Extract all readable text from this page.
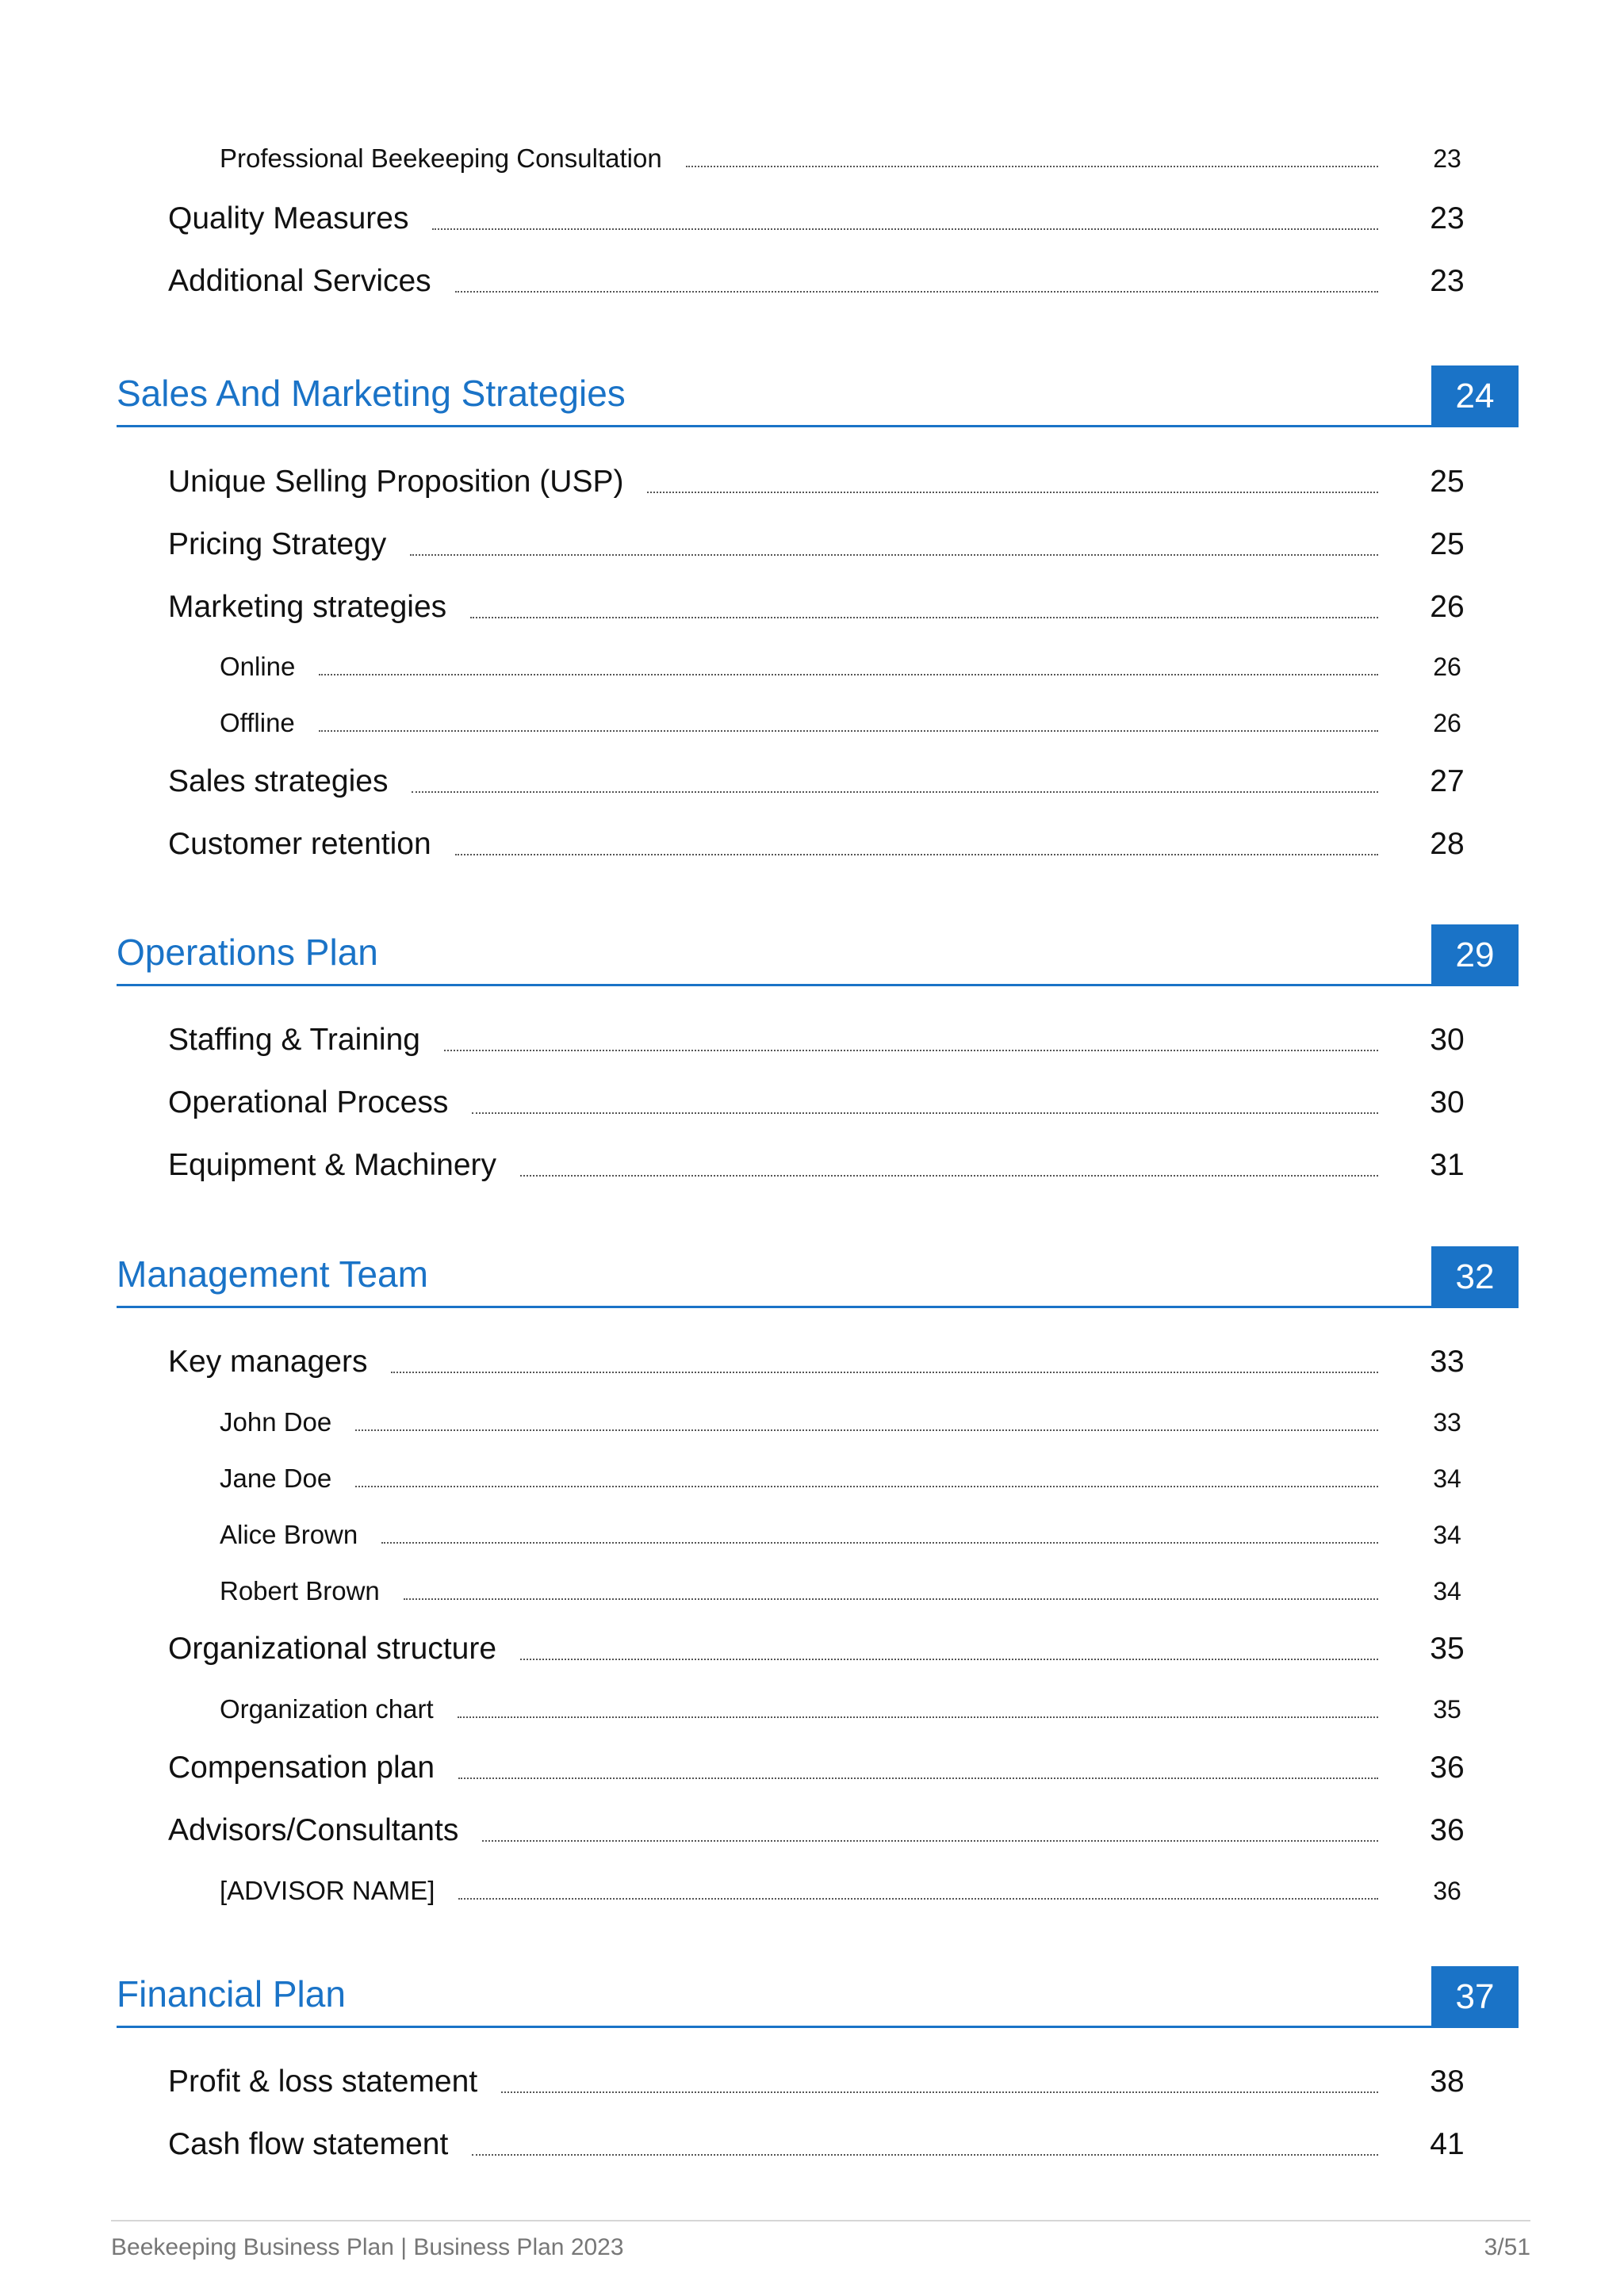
Professional Beekeeping Consultation	23
Quality Measures	23
Additional Services	23
Sales And Marketing Strategies	24
Unique Selling Proposition (USP)	25
Pricing Strategy	25
Marketing strategies	26
Online	26
Offline	26
Sales strategies	27
Customer retention	28
Operations Plan	29
Staffing & Training	30
Operational Process	30
Equipment & Machinery	31
Management Team	32
Key managers	33
John Doe	33
Jane Doe	34
Alice Brown	34
Robert Brown	34
Organizational structure	35
Organization chart	35
Compensation plan	36
Advisors/Consultants	36
[ADVISOR NAME]	36
Financial Plan	37
Profit & loss statement	38
Cash flow statement	41
Beekeeping Business Plan | Business Plan 2023	3/51
